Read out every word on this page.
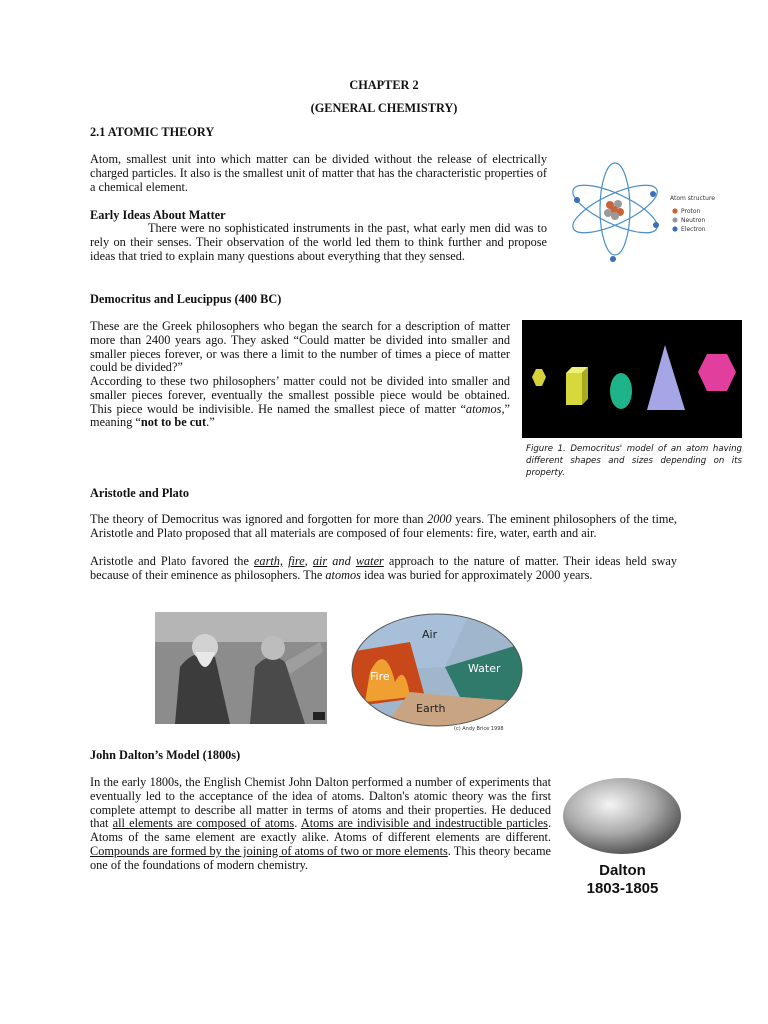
CHAPTER 2
(GENERAL CHEMISTRY)
2.1 ATOMIC THEORY

Atom, smallest unit into which matter can be divided without the release of electrically charged particles. It also is the smallest unit of matter that has the characteristic properties of a chemical element.

Early Ideas About Matter

There were no sophisticated instruments in the past, what early men did was to rely on their senses. Their observation of the world led them to think further and propose ideas that tried to explain many questions about everything that they sensed.

Atom structure
Proton
Neutron
Electron
Democritus and Leucippus (400 BC)

These are the Greek philosophers who began the search for a description of matter more than 2400 years ago. They asked “Could matter be divided into smaller and smaller pieces forever, or was there a limit to the number of times a piece of matter could be divided?”

According to these two philosophers’ matter could not be divided into smaller and smaller pieces forever, eventually the smallest possible piece would be obtained. This piece would be indivisible. He named the smallest piece of matter “atomos,” meaning “not to be cut.”

Figure 1. Democritus' model of an atom having different shapes and sizes depending on its property.

Aristotle and Plato

The theory of Democritus was ignored and forgotten for more than 2000 years. The eminent philosophers of the time, Aristotle and Plato proposed that all materials are composed of four elements: fire, water, earth and air.

Aristotle and Plato favored the earth, fire, air and water approach to the nature of matter. Their ideas held sway because of their eminence as philosophers. The atomos idea was buried for approximately 2000 years.

Air
Water
Fire
Earth
(c) Andy Brice 1998
John Dalton’s Model (1800s)

In the early 1800s, the English Chemist John Dalton performed a number of experiments that eventually led to the acceptance of the idea of atoms. Dalton's atomic theory was the first complete attempt to describe all matter in terms of atoms and their properties. He deduced that all elements are composed of atoms. Atoms are indivisible and indestructible particles. Atoms of the same element are exactly alike. Atoms of different elements are different. Compounds are formed by the joining of atoms of two or more elements. This theory became one of the foundations of modern chemistry.	Dalton
1803-1805
